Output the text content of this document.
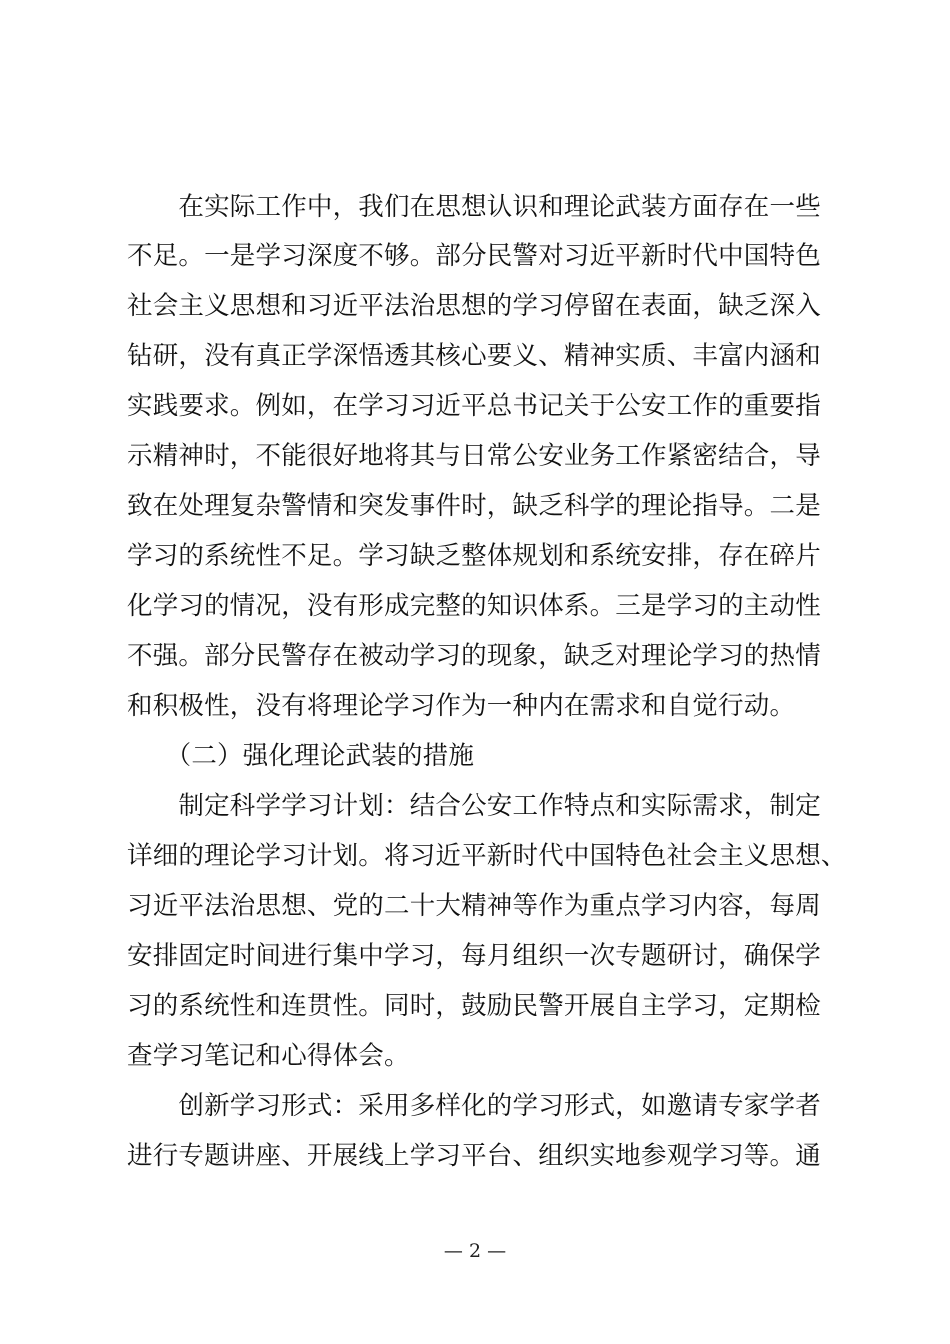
　　在实际工作中，我们在思想认识和理论武装方面存在一些
不足。一是学习深度不够。部分民警对习近平新时代中国特色
社会主义思想和习近平法治思想的学习停留在表面，缺乏深入
钻研，没有真正学深悟透其核心要义、精神实质、丰富内涵和
实践要求。例如，在学习习近平总书记关于公安工作的重要指
示精神时，不能很好地将其与日常公安业务工作紧密结合，导
致在处理复杂警情和突发事件时，缺乏科学的理论指导。二是
学习的系统性不足。学习缺乏整体规划和系统安排，存在碎片
化学习的情况，没有形成完整的知识体系。三是学习的主动性
不强。部分民警存在被动学习的现象，缺乏对理论学习的热情
和积极性，没有将理论学习作为一种内在需求和自觉行动。
　　（二）强化理论武装的措施
　　制定科学学习计划：结合公安工作特点和实际需求，制定
详细的理论学习计划。将习近平新时代中国特色社会主义思想、
习近平法治思想、党的二十大精神等作为重点学习内容，每周
安排固定时间进行集中学习，每月组织一次专题研讨，确保学
习的系统性和连贯性。同时，鼓励民警开展自主学习，定期检
查学习笔记和心得体会。
　　创新学习形式：采用多样化的学习形式，如邀请专家学者
进行专题讲座、开展线上学习平台、组织实地参观学习等。通
— 2 —
